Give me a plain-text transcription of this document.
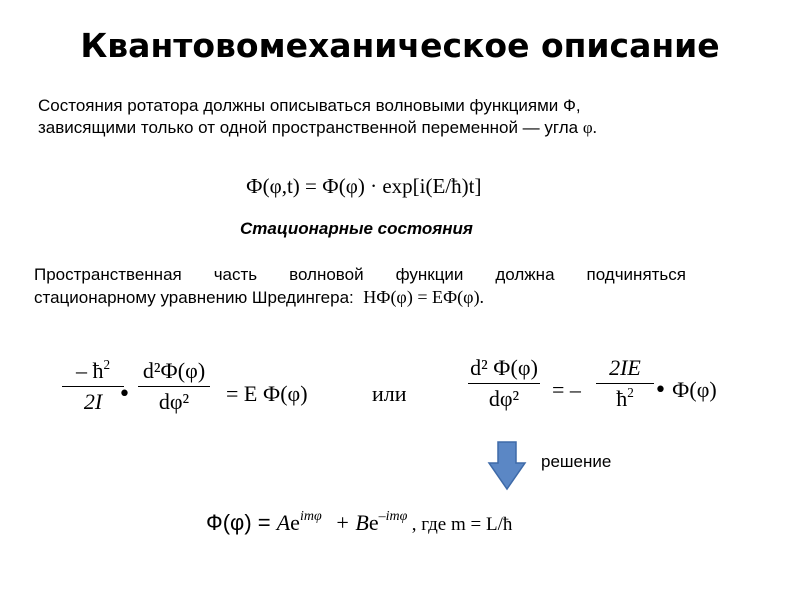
Квантовомеханическое описание
Состояния ротатора должны описываться волновыми функциями Ф,
зависящими только от одной пространственной переменной — угла φ.
Ф(φ,t) = Ф(φ) · exp[i(E/ħ)t]
Стационарные состояния
Пространственная часть волновой функции должна подчиняться
стационарному уравнению Шредингера: HФ(φ) = EФ(φ).
– $ħ^2$
2I •
d²Ф(φ)
dφ²	= E Ф(φ)	или
d² Ф(φ)
dφ²	= –
2IE
$ħ^2$ • Ф(φ)
решение
$Ф(\varphi) = Ae^{im\varphi} + Be^{-im\varphi}$ , где m = L/ħ
